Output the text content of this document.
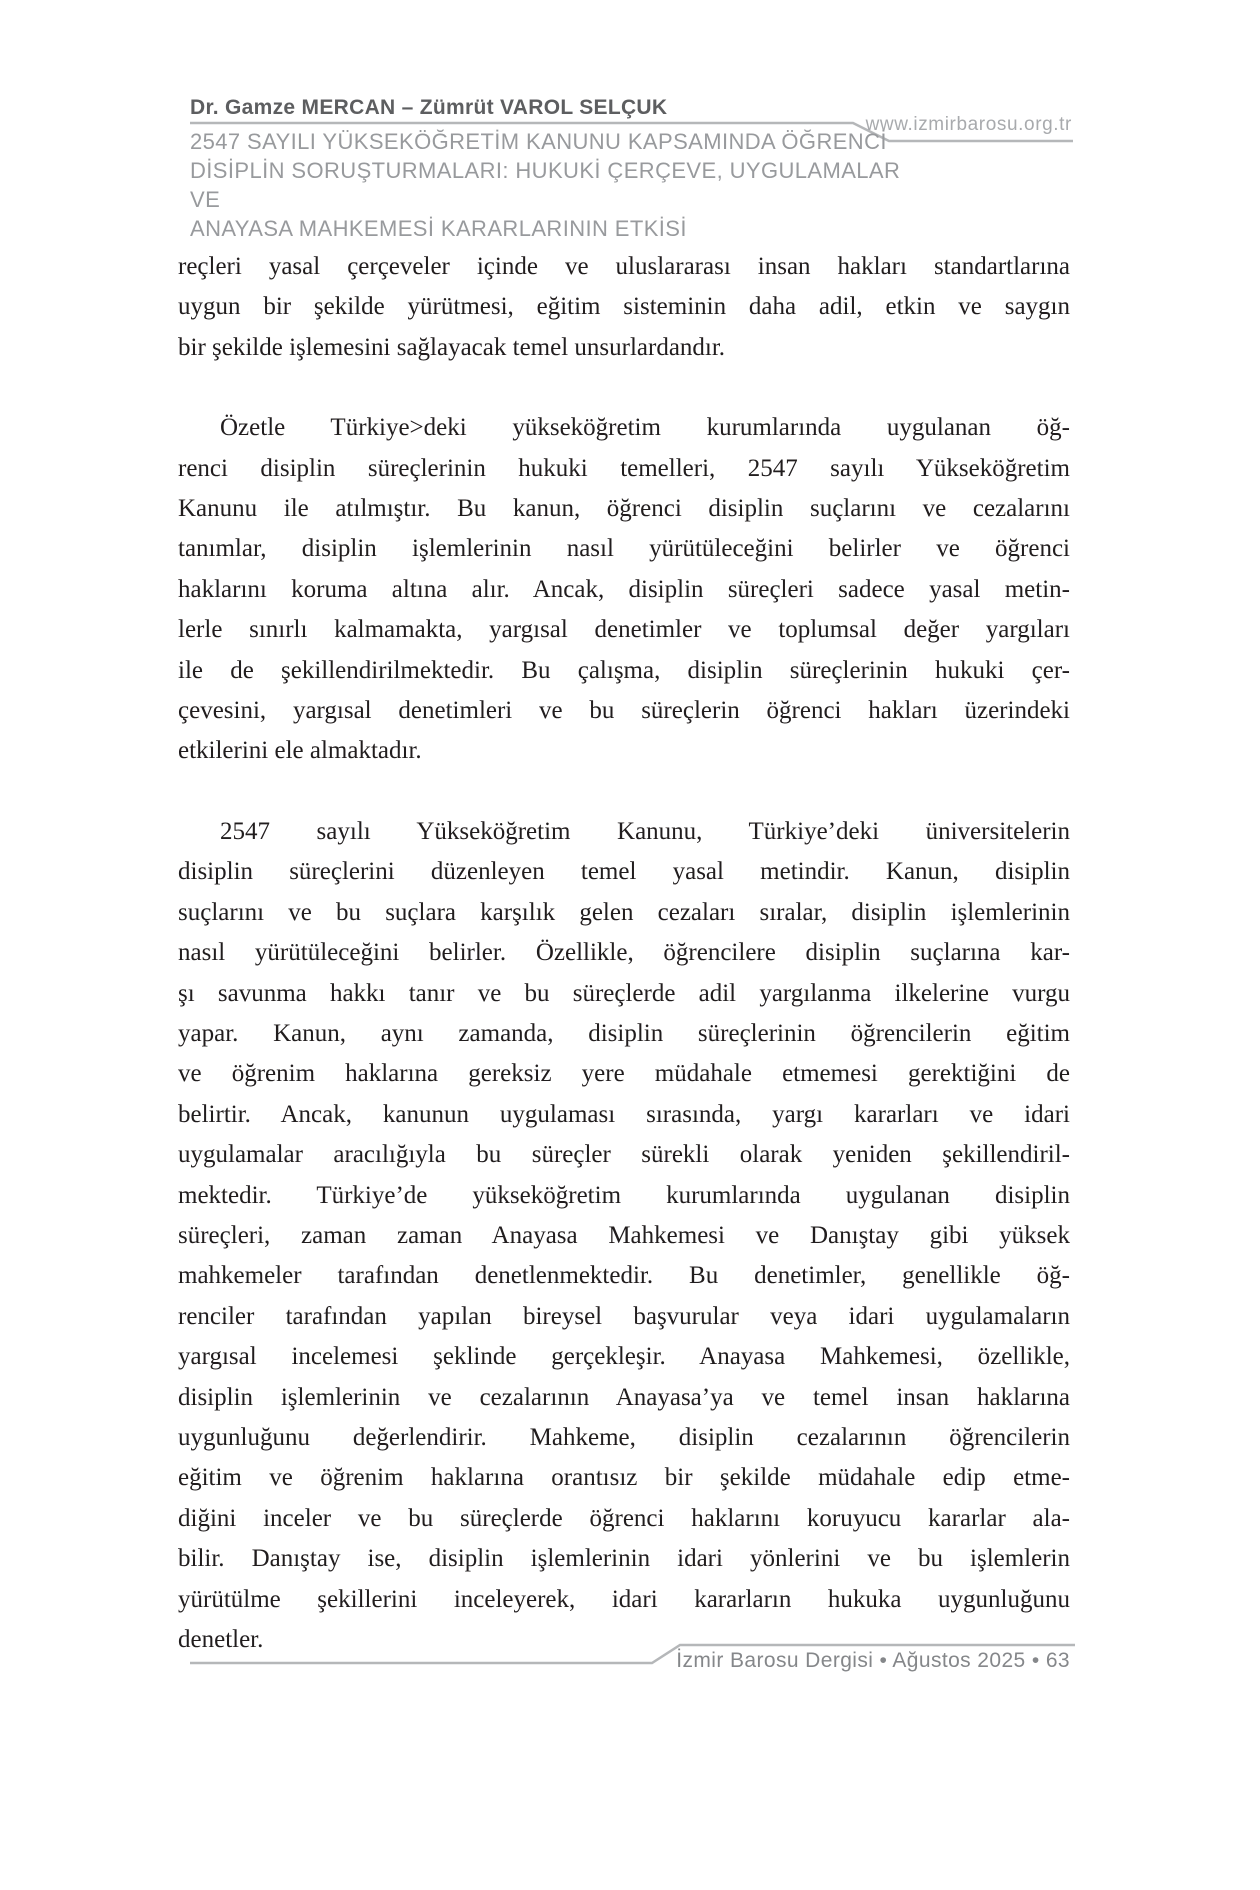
Dr. Gamze MERCAN – Zümrüt VAROL SELÇUK
www.izmirbarosu.org.tr
2547 SAYILI YÜKSEKÖĞRETİM KANUNU KAPSAMINDA ÖĞRENCİ
DİSİPLİN SORUŞTURMALARI: HUKUKİ ÇERÇEVE, UYGULAMALAR VE
ANAYASA MAHKEMESİ KARARLARININ ETKİSİ
reçleri yasal çerçeveler içinde ve uluslararası insan hakları standartlarına
uygun bir şekilde yürütmesi, eğitim sisteminin daha adil, etkin ve saygın
bir şekilde işlemesini sağlayacak temel unsurlardandır.
Özetle Türkiye>deki yükseköğretim kurumlarında uygulanan öğ-
renci disiplin süreçlerinin hukuki temelleri, 2547 sayılı Yükseköğretim
Kanunu ile atılmıştır. Bu kanun, öğrenci disiplin suçlarını ve cezalarını
tanımlar, disiplin işlemlerinin nasıl yürütüleceğini belirler ve öğrenci
haklarını koruma altına alır. Ancak, disiplin süreçleri sadece yasal metin-
lerle sınırlı kalmamakta, yargısal denetimler ve toplumsal değer yargıları
ile de şekillendirilmektedir. Bu çalışma, disiplin süreçlerinin hukuki çer-
çevesini, yargısal denetimleri ve bu süreçlerin öğrenci hakları üzerindeki
etkilerini ele almaktadır.
2547 sayılı Yükseköğretim Kanunu, Türkiye’deki üniversitelerin
disiplin süreçlerini düzenleyen temel yasal metindir. Kanun, disiplin
suçlarını ve bu suçlara karşılık gelen cezaları sıralar, disiplin işlemlerinin
nasıl yürütüleceğini belirler. Özellikle, öğrencilere disiplin suçlarına kar-
şı savunma hakkı tanır ve bu süreçlerde adil yargılanma ilkelerine vurgu
yapar. Kanun, aynı zamanda, disiplin süreçlerinin öğrencilerin eğitim
ve öğrenim haklarına gereksiz yere müdahale etmemesi gerektiğini de
belirtir. Ancak, kanunun uygulaması sırasında, yargı kararları ve idari
uygulamalar aracılığıyla bu süreçler sürekli olarak yeniden şekillendiril-
mektedir. Türkiye’de yükseköğretim kurumlarında uygulanan disiplin
süreçleri, zaman zaman Anayasa Mahkemesi ve Danıştay gibi yüksek
mahkemeler tarafından denetlenmektedir. Bu denetimler, genellikle öğ-
renciler tarafından yapılan bireysel başvurular veya idari uygulamaların
yargısal incelemesi şeklinde gerçekleşir. Anayasa Mahkemesi, özellikle,
disiplin işlemlerinin ve cezalarının Anayasa’ya ve temel insan haklarına
uygunluğunu değerlendirir. Mahkeme, disiplin cezalarının öğrencilerin
eğitim ve öğrenim haklarına orantısız bir şekilde müdahale edip etme-
diğini inceler ve bu süreçlerde öğrenci haklarını koruyucu kararlar ala-
bilir. Danıştay ise, disiplin işlemlerinin idari yönlerini ve bu işlemlerin
yürütülme şekillerini inceleyerek, idari kararların hukuka uygunluğunu
denetler.
İzmir Barosu Dergisi • Ağustos 2025 • 63
